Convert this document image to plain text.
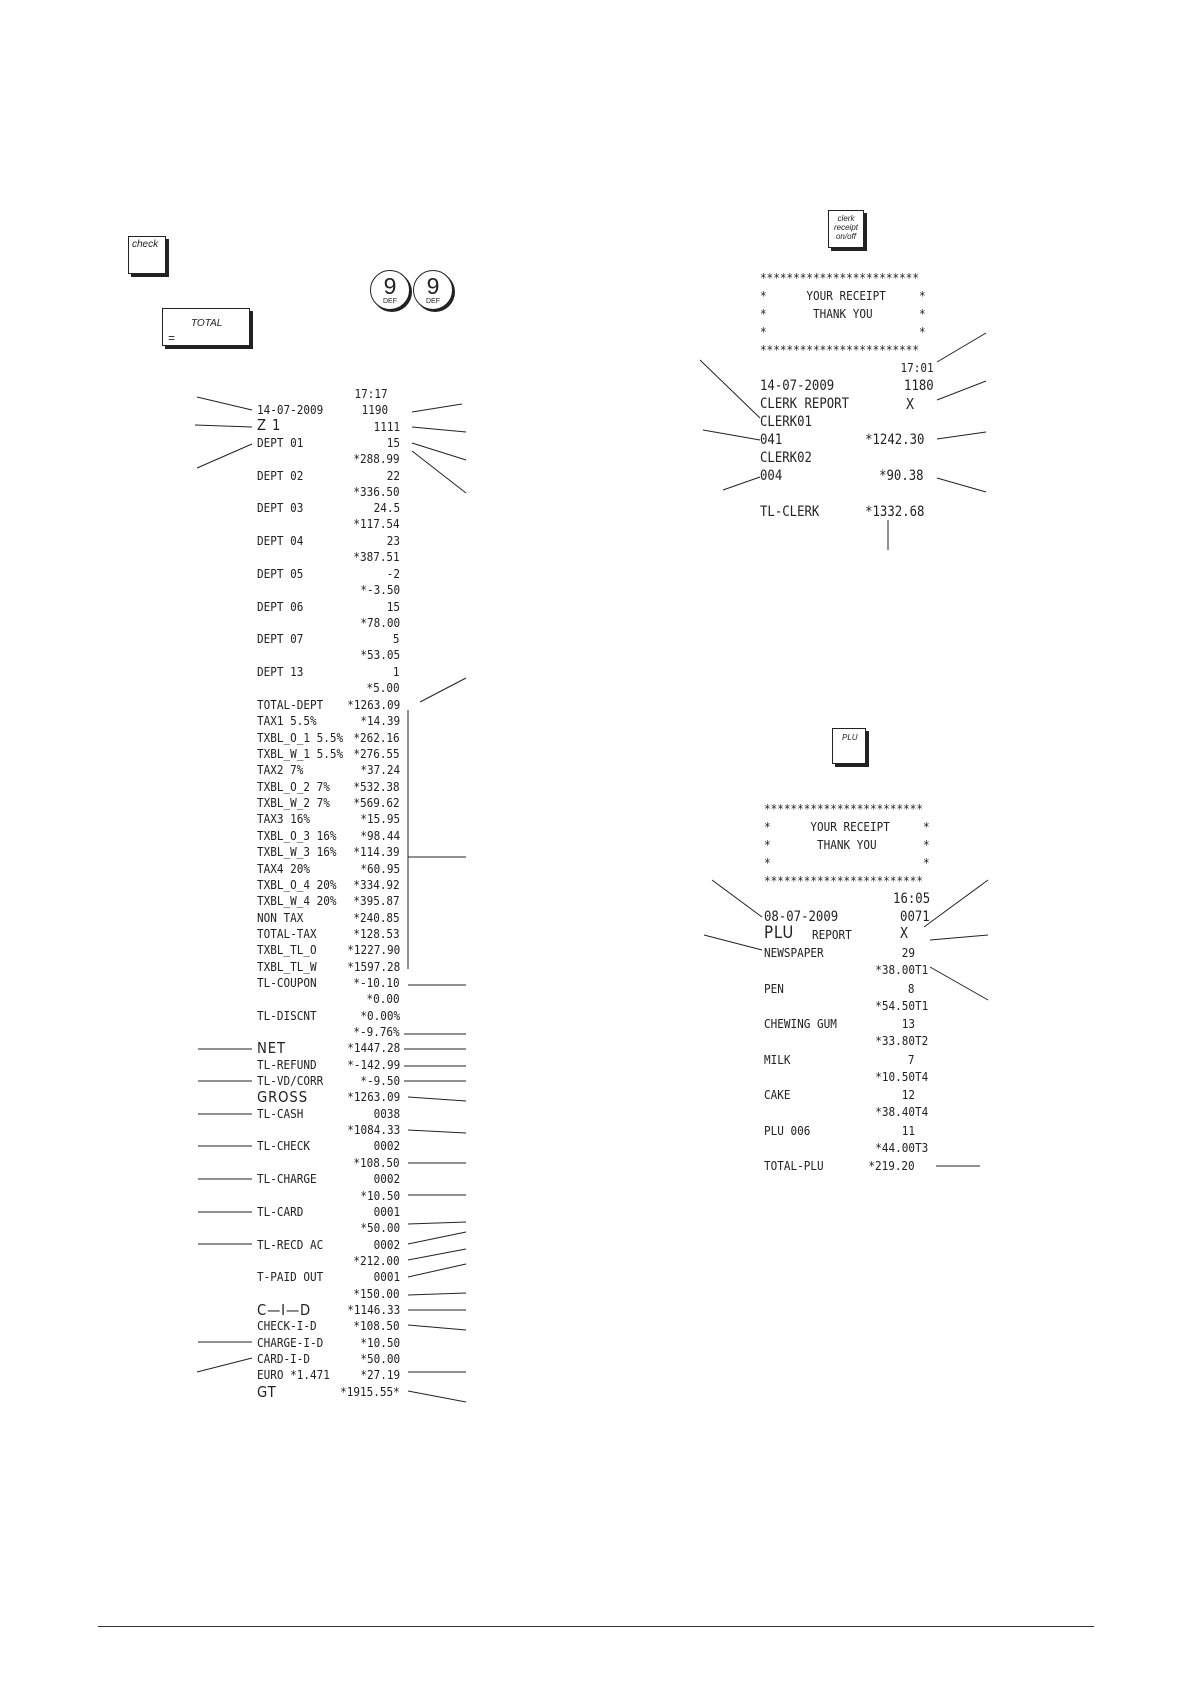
check
TOTAL
=
9
DEF
9
DEF
clerk
receipt
on/off
PLU
17:17
14-07-2009	1190
Z 1	1111
DEPT 01	15
*288.99
DEPT 02	22
*336.50
DEPT 03	24.5
*117.54
DEPT 04	23
*387.51
DEPT 05	-2
*-3.50
DEPT 06	15
*78.00
DEPT 07	5
*53.05
DEPT 13	1
*5.00
TOTAL-DEPT *1263.09
TAX1 5.5%	*14.39
TXBL_O_1 5.5% *262.16
TXBL_W_1 5.5% *276.55
TAX2 7%	*37.24
TXBL_O_2 7% *532.38
TXBL_W_2 7% *569.62
TAX3 16%	*15.95
TXBL_O_3 16% *98.44
TXBL_W_3 16% *114.39
TAX4 20%	*60.95
TXBL_O_4 20% *334.92
TXBL_W_4 20% *395.87
NON TAX	*240.85
TOTAL-TAX	*128.53
TXBL_TL_O *1227.90
TXBL_TL_W *1597.28
TL-COUPON	*-10.10
*0.00
TL-DISCNT	*0.00%
*-9.76%
NET	*1447.28
TL-REFUND *-142.99
TL-VD/CORR	*-9.50
GROSS	*1263.09
TL-CASH	0038
*1084.33
TL-CHECK	0002
*108.50
TL-CHARGE	0002
*10.50
TL-CARD	0001
*50.00
TL-RECD AC	0002
*212.00
T-PAID OUT	0001
*150.00
C—I—D	*1146.33
CHECK-I-D	*108.50
CHARGE-I-D	*10.50
CARD-I-D	*50.00
EURO *1.471 *27.19
GT	*1915.55*
************************
*      YOUR RECEIPT     *
*       THANK YOU       *
*                       *
************************
17:01
14-07-2009	1180
CLERK REPORT	X
CLERK01
041	*1242.30
CLERK02
004	*90.38
TL-CLERK	*1332.68
************************
*      YOUR RECEIPT     *
*       THANK YOU       *
*                       *
************************
16:05
08-07-2009	0071
PLU REPORT	X
NEWSPAPER	29
*38.00T1
PEN	8
*54.50T1
CHEWING GUM	13
*33.80T2
MILK	7
*10.50T4
CAKE	12
*38.40T4
PLU 006	11
*44.00T3
TOTAL-PLU	*219.20
